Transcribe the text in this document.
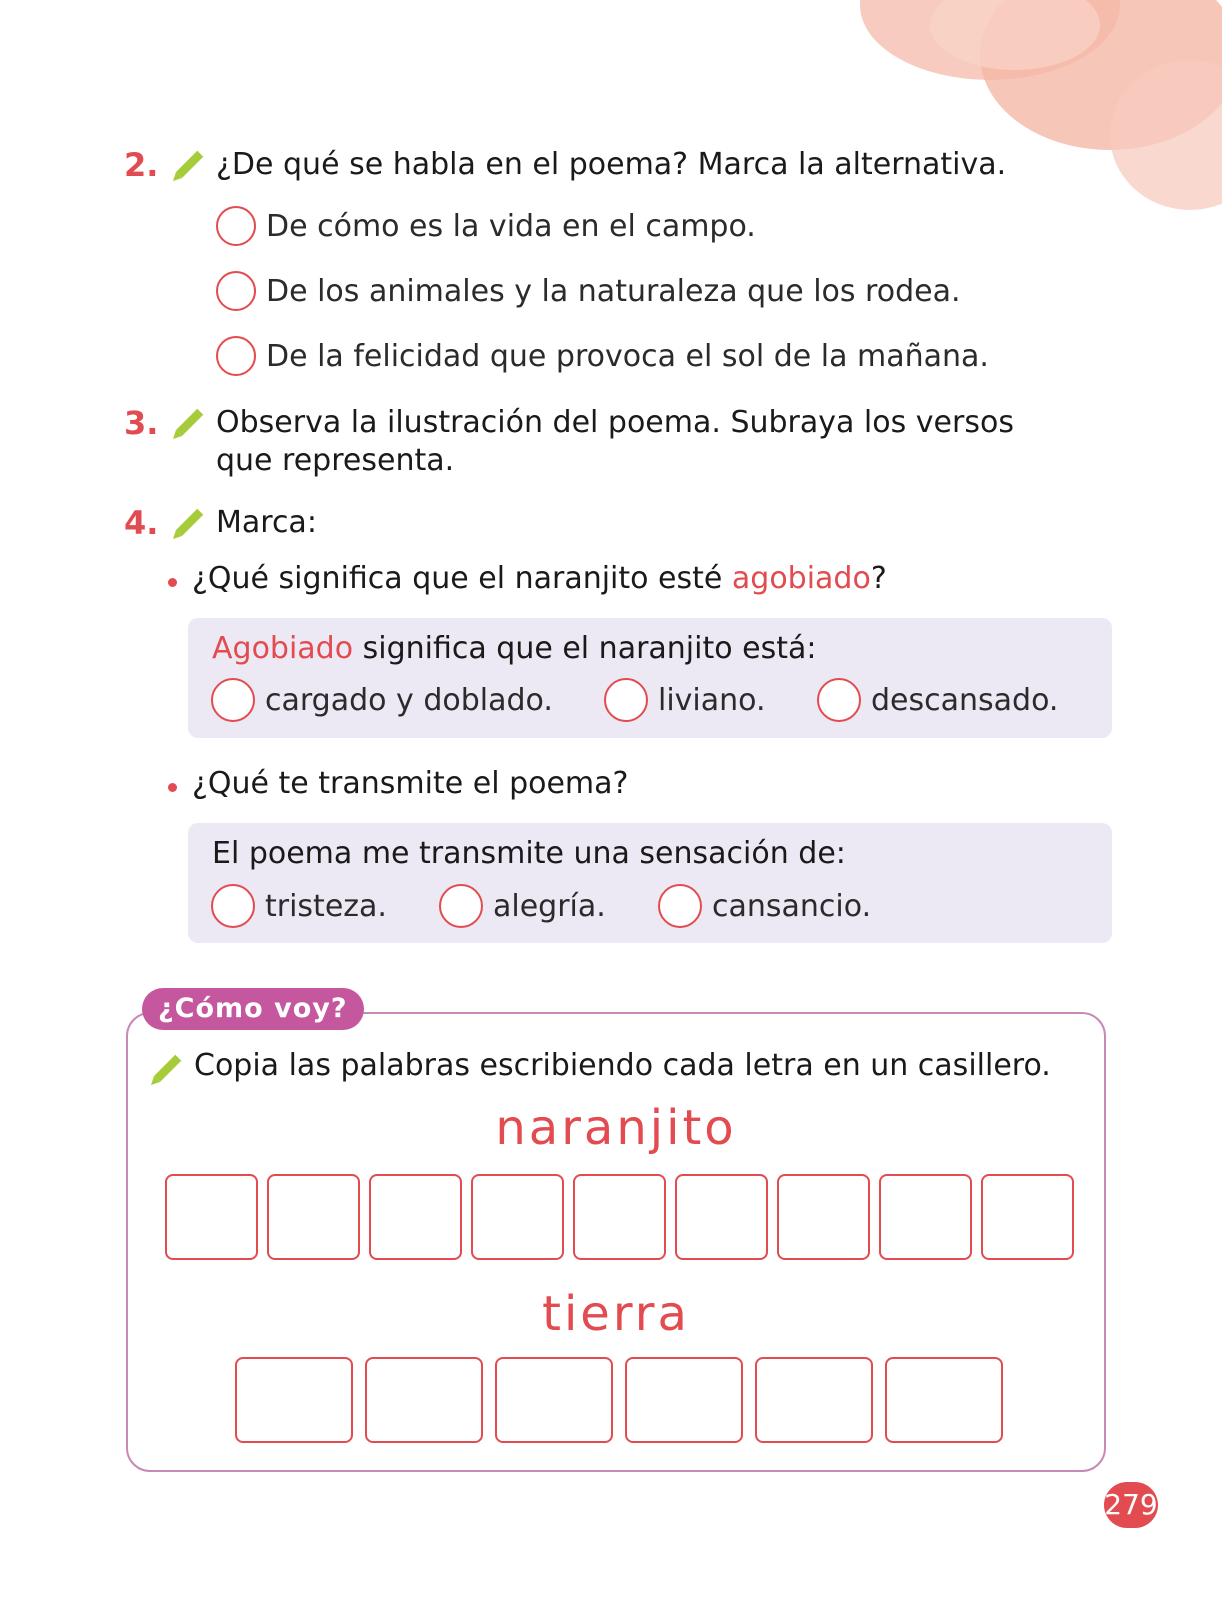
2. ¿De qué se habla en el poema? Marca la alternativa.
De cómo es la vida en el campo.
De los animales y la naturaleza que los rodea.
De la felicidad que provoca el sol de la mañana.
3. Observa la ilustración del poema. Subraya los versos
que representa.
4. Marca:
¿Qué significa que el naranjito esté agobiado?
Agobiado significa que el naranjito está:
cargado y doblado.	liviano.	descansado.
¿Qué te transmite el poema?
El poema me transmite una sensación de:
tristeza.	alegría.	cansancio.
¿Cómo voy?
Copia las palabras escribiendo cada letra en un casillero.
naranjito
tierra
279
